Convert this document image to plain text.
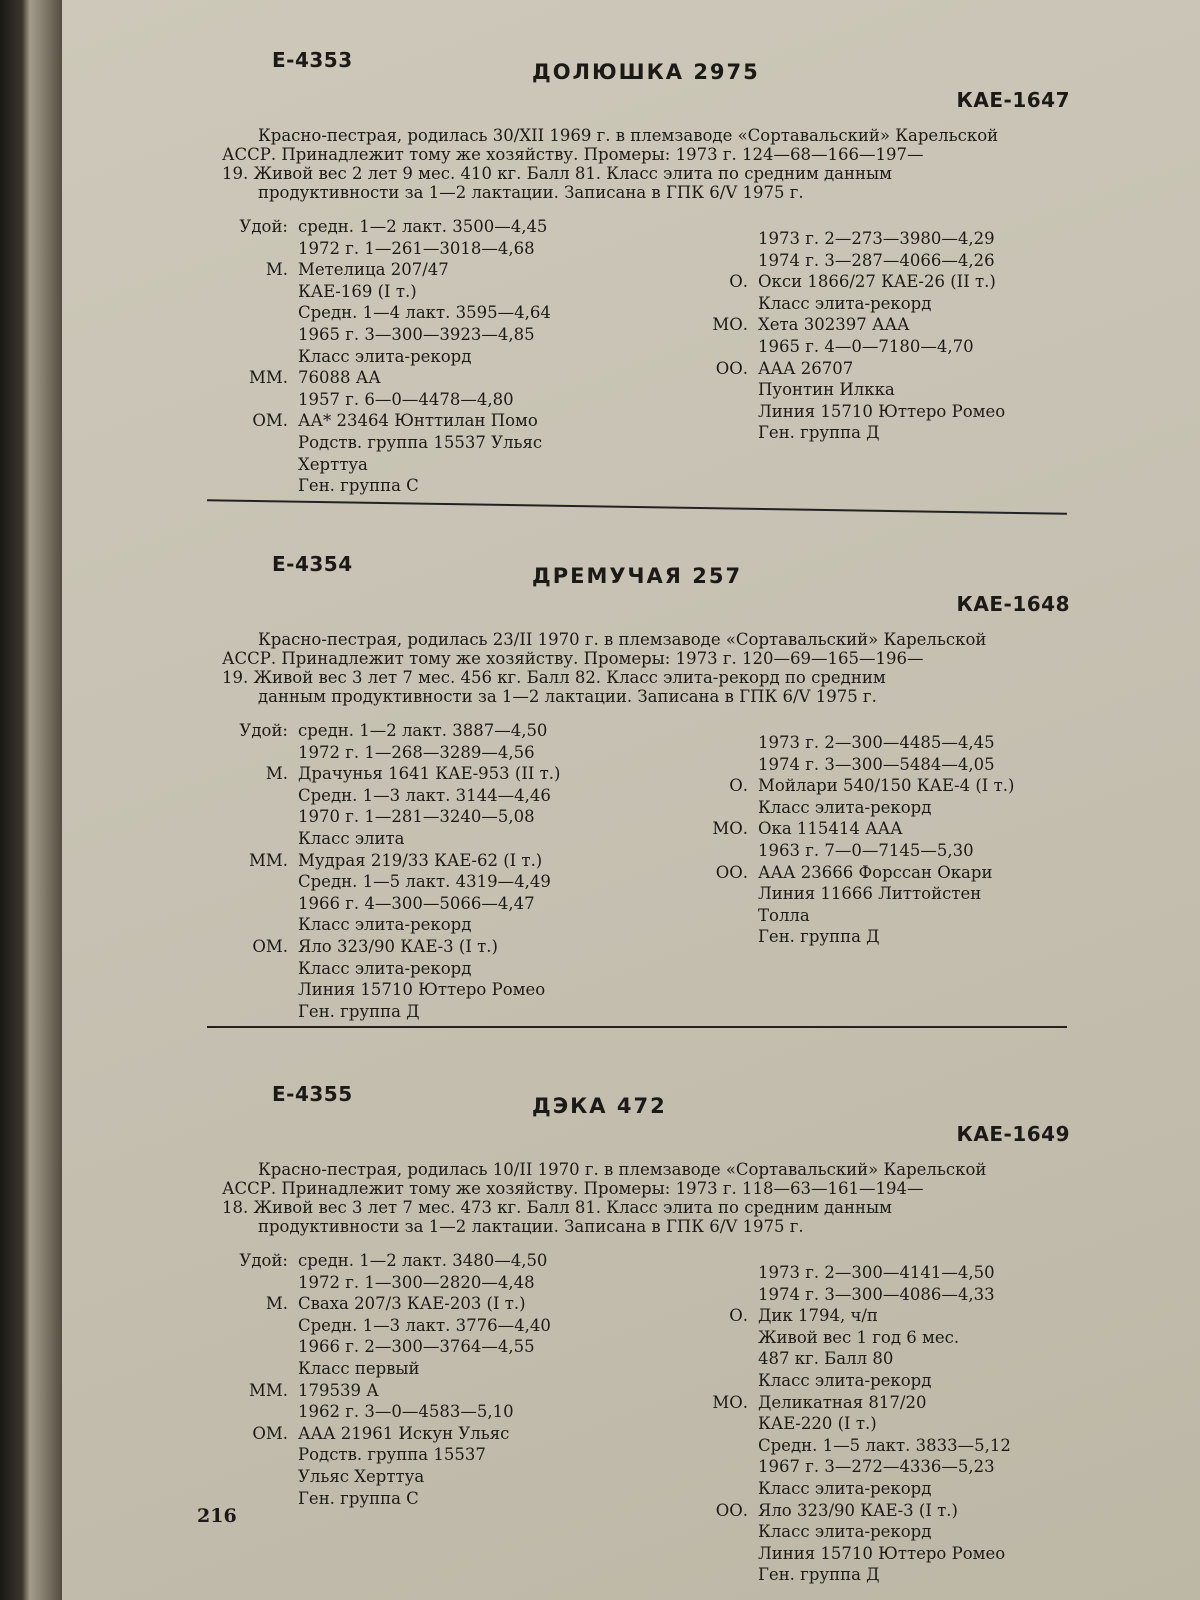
Е-4353	ДОЛЮШКА 2975
КАЕ-1647
Красно-пестрая, родилась 30/XII 1969 г. в племзаводе «Сортавальский» Карельской
АССР. Принадлежит тому же хозяйству. Промеры: 1973 г. 124—68—166—197—
19. Живой вес 2 лет 9 мес. 410 кг. Балл 81. Класс элита по средним данным
продуктивности за 1—2 лактации. Записана в ГПК 6/V 1975 г.
Удой: средн. 1—2 лакт. 3500—4,45
1972 г. 1—261—3018—4,68
М. Метелица 207/47
КАЕ-169 (I т.)
Средн. 1—4 лакт. 3595—4,64
1965 г. 3—300—3923—4,85
Класс элита-рекорд
ММ. 76088 АА
1957 г. 6—0—4478—4,80
ОМ. АА* 23464 Юнттилан Помо
Родств. группа 15537 Ульяс
Херттуа
Ген. группа С
1973 г. 2—273—3980—4,29
1974 г. 3—287—4066—4,26
О. Окси 1866/27 КАЕ-26 (II т.)
Класс элита-рекорд
МО. Хета 302397 ААА
1965 г. 4—0—7180—4,70
ОО. ААА 26707
Пуонтин Илкка
Линия 15710 Юттеро Ромео
Ген. группа Д
Е-4354	ДРЕМУЧАЯ 257
КАЕ-1648
Красно-пестрая, родилась 23/II 1970 г. в племзаводе «Сортавальский» Карельской
АССР. Принадлежит тому же хозяйству. Промеры: 1973 г. 120—69—165—196—
19. Живой вес 3 лет 7 мес. 456 кг. Балл 82. Класс элита-рекорд по средним
данным продуктивности за 1—2 лактации. Записана в ГПК 6/V 1975 г.
Удой: средн. 1—2 лакт. 3887—4,50
1972 г. 1—268—3289—4,56
М. Драчунья 1641 КАЕ-953 (II т.)
Средн. 1—3 лакт. 3144—4,46
1970 г. 1—281—3240—5,08
Класс элита
ММ. Мудрая 219/33 КАЕ-62 (I т.)
Средн. 1—5 лакт. 4319—4,49
1966 г. 4—300—5066—4,47
Класс элита-рекорд
ОМ. Яло 323/90 КАЕ-3 (I т.)
Класс элита-рекорд
Линия 15710 Юттеро Ромео
Ген. группа Д
1973 г. 2—300—4485—4,45
1974 г. 3—300—5484—4,05
О. Мойлари 540/150 КАЕ-4 (I т.)
Класс элита-рекорд
МО. Ока 115414 ААА
1963 г. 7—0—7145—5,30
ОО. ААА 23666 Форссан Окари
Линия 11666 Литтойстен
Толла
Ген. группа Д
Е-4355	ДЭКА 472
КАЕ-1649
Красно-пестрая, родилась 10/II 1970 г. в племзаводе «Сортавальский» Карельской
АССР. Принадлежит тому же хозяйству. Промеры: 1973 г. 118—63—161—194—
18. Живой вес 3 лет 7 мес. 473 кг. Балл 81. Класс элита по средним данным
продуктивности за 1—2 лактации. Записана в ГПК 6/V 1975 г.
Удой: средн. 1—2 лакт. 3480—4,50
1972 г. 1—300—2820—4,48
М. Сваха 207/3 КАЕ-203 (I т.)
Средн. 1—3 лакт. 3776—4,40
1966 г. 2—300—3764—4,55
Класс первый
ММ. 179539 А
1962 г. 3—0—4583—5,10
ОМ. ААА 21961 Искун Ульяс
Родств. группа 15537
Ульяс Херттуа
Ген. группа С
1973 г. 2—300—4141—4,50
1974 г. 3—300—4086—4,33
О. Дик 1794, ч/п
Живой вес 1 год 6 мес.
487 кг. Балл 80
Класс элита-рекорд
МО. Деликатная 817/20
КАЕ-220 (I т.)
Средн. 1—5 лакт. 3833—5,12
1967 г. 3—272—4336—5,23
Класс элита-рекорд
ОО. Яло 323/90 КАЕ-3 (I т.)
Класс элита-рекорд
Линия 15710 Юттеро Ромео
Ген. группа Д
216
